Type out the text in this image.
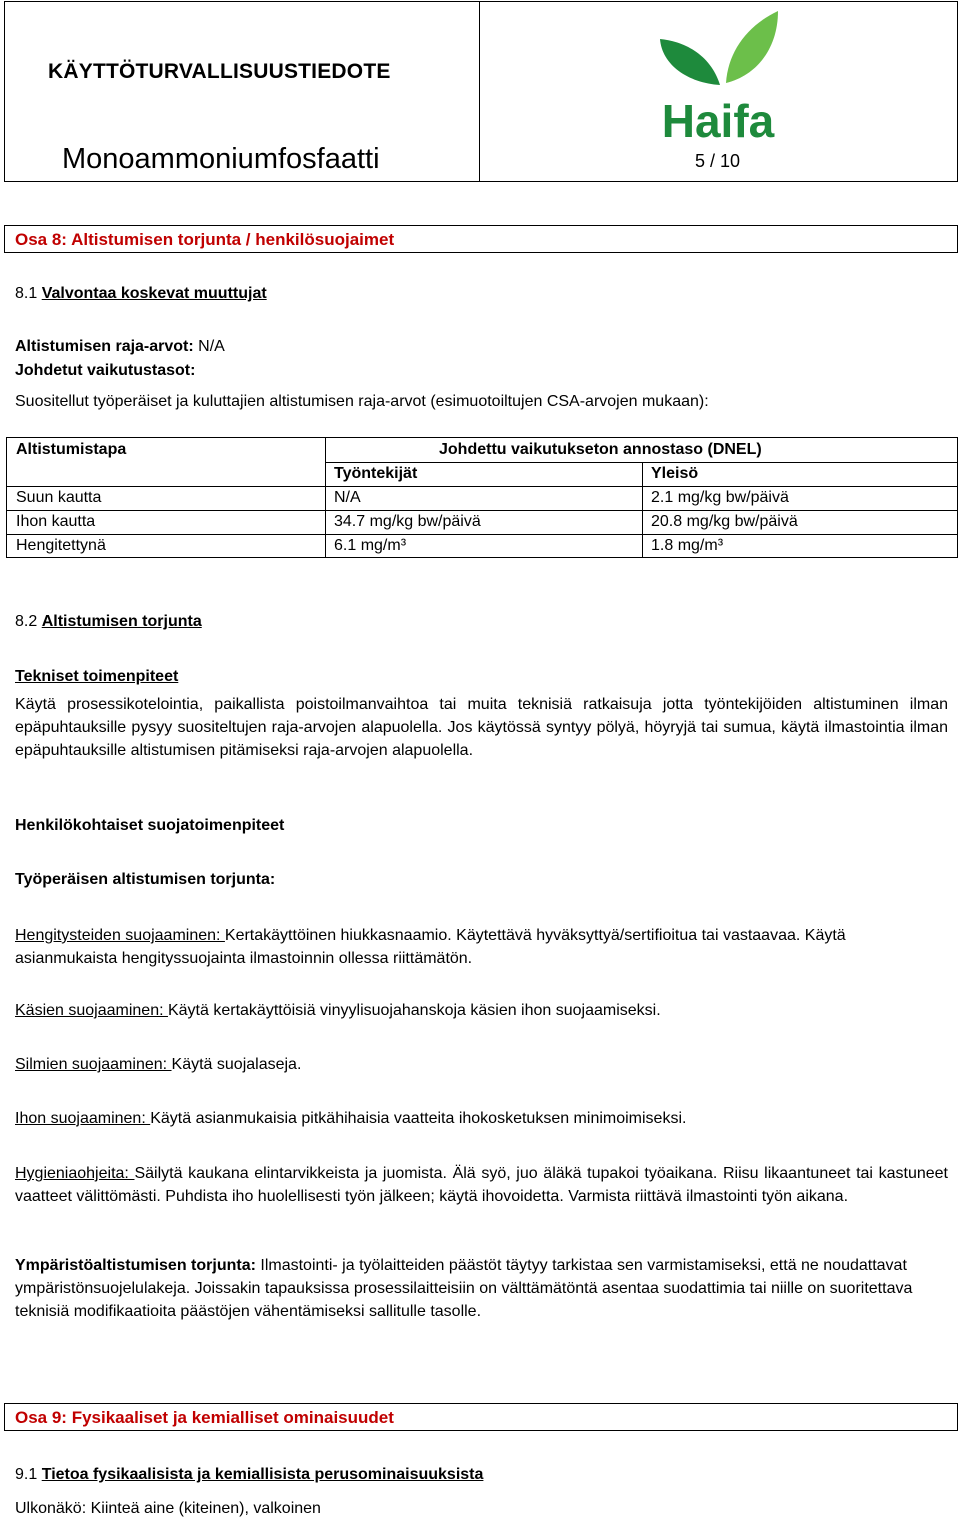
KÄYTTÖTURVALLISUUSTIEDOTE
Monoammoniumfosfaatti	5 / 10
Haifa
Osa 8: Altistumisen torjunta / henkilösuojaimet
8.1 Valvontaa koskevat muuttujat
Altistumisen raja-arvot: N/A
Johdetut vaikutustasot:
Suositellut työperäiset ja kuluttajien altistumisen raja-arvot (esimuotoiltujen CSA-arvojen mukaan):
Altistumistapa	Johdettu vaikutukseton annostaso (DNEL)
Työntekijät	Yleisö
Suun kautta	N/A	2.1 mg/kg bw/päivä
Ihon kautta	34.7 mg/kg bw/päivä	20.8 mg/kg bw/päivä
Hengitettynä	6.1 mg/m³	1.8 mg/m³
8.2 Altistumisen torjunta
Tekniset toimenpiteet
Käytä prosessikotelointia, paikallista poistoilmanvaihtoa tai muita teknisiä ratkaisuja jotta työntekijöiden altistuminen ilman epäpuhtauksille pysyy suositeltujen raja-arvojen alapuolella. Jos käytössä syntyy pölyä, höyryjä tai sumua, käytä ilmastointia ilman epäpuhtauksille altistumisen pitämiseksi raja-arvojen alapuolella.
Henkilökohtaiset suojatoimenpiteet
Työperäisen altistumisen torjunta:
Hengitysteiden suojaaminen: Kertakäyttöinen hiukkasnaamio. Käytettävä hyväksyttyä/sertifioitua tai vastaavaa. Käytä asianmukaista hengityssuojainta ilmastoinnin ollessa riittämätön.
Käsien suojaaminen: Käytä kertakäyttöisiä vinyylisuojahanskoja käsien ihon suojaamiseksi.
Silmien suojaaminen: Käytä suojalaseja.
Ihon suojaaminen: Käytä asianmukaisia pitkähihaisia vaatteita ihokosketuksen minimoimiseksi.
Hygieniaohjeita: Säilytä kaukana elintarvikkeista ja juomista. Älä syö, juo äläkä tupakoi työaikana. Riisu likaantuneet tai kastuneet vaatteet välittömästi. Puhdista iho huolellisesti työn jälkeen; käytä ihovoidetta. Varmista riittävä ilmastointi työn aikana.
Ympäristöaltistumisen torjunta: Ilmastointi- ja työlaitteiden päästöt täytyy tarkistaa sen varmistamiseksi, että ne noudattavat ympäristönsuojelulakeja. Joissakin tapauksissa prosessilaitteisiin on välttämätöntä asentaa suodattimia tai niille on suoritettava teknisiä modifikaatioita päästöjen vähentämiseksi sallitulle tasolle.
Osa 9: Fysikaaliset ja kemialliset ominaisuudet
9.1 Tietoa fysikaalisista ja kemiallisista perusominaisuuksista
Ulkonäkö: Kiinteä aine (kiteinen), valkoinen
